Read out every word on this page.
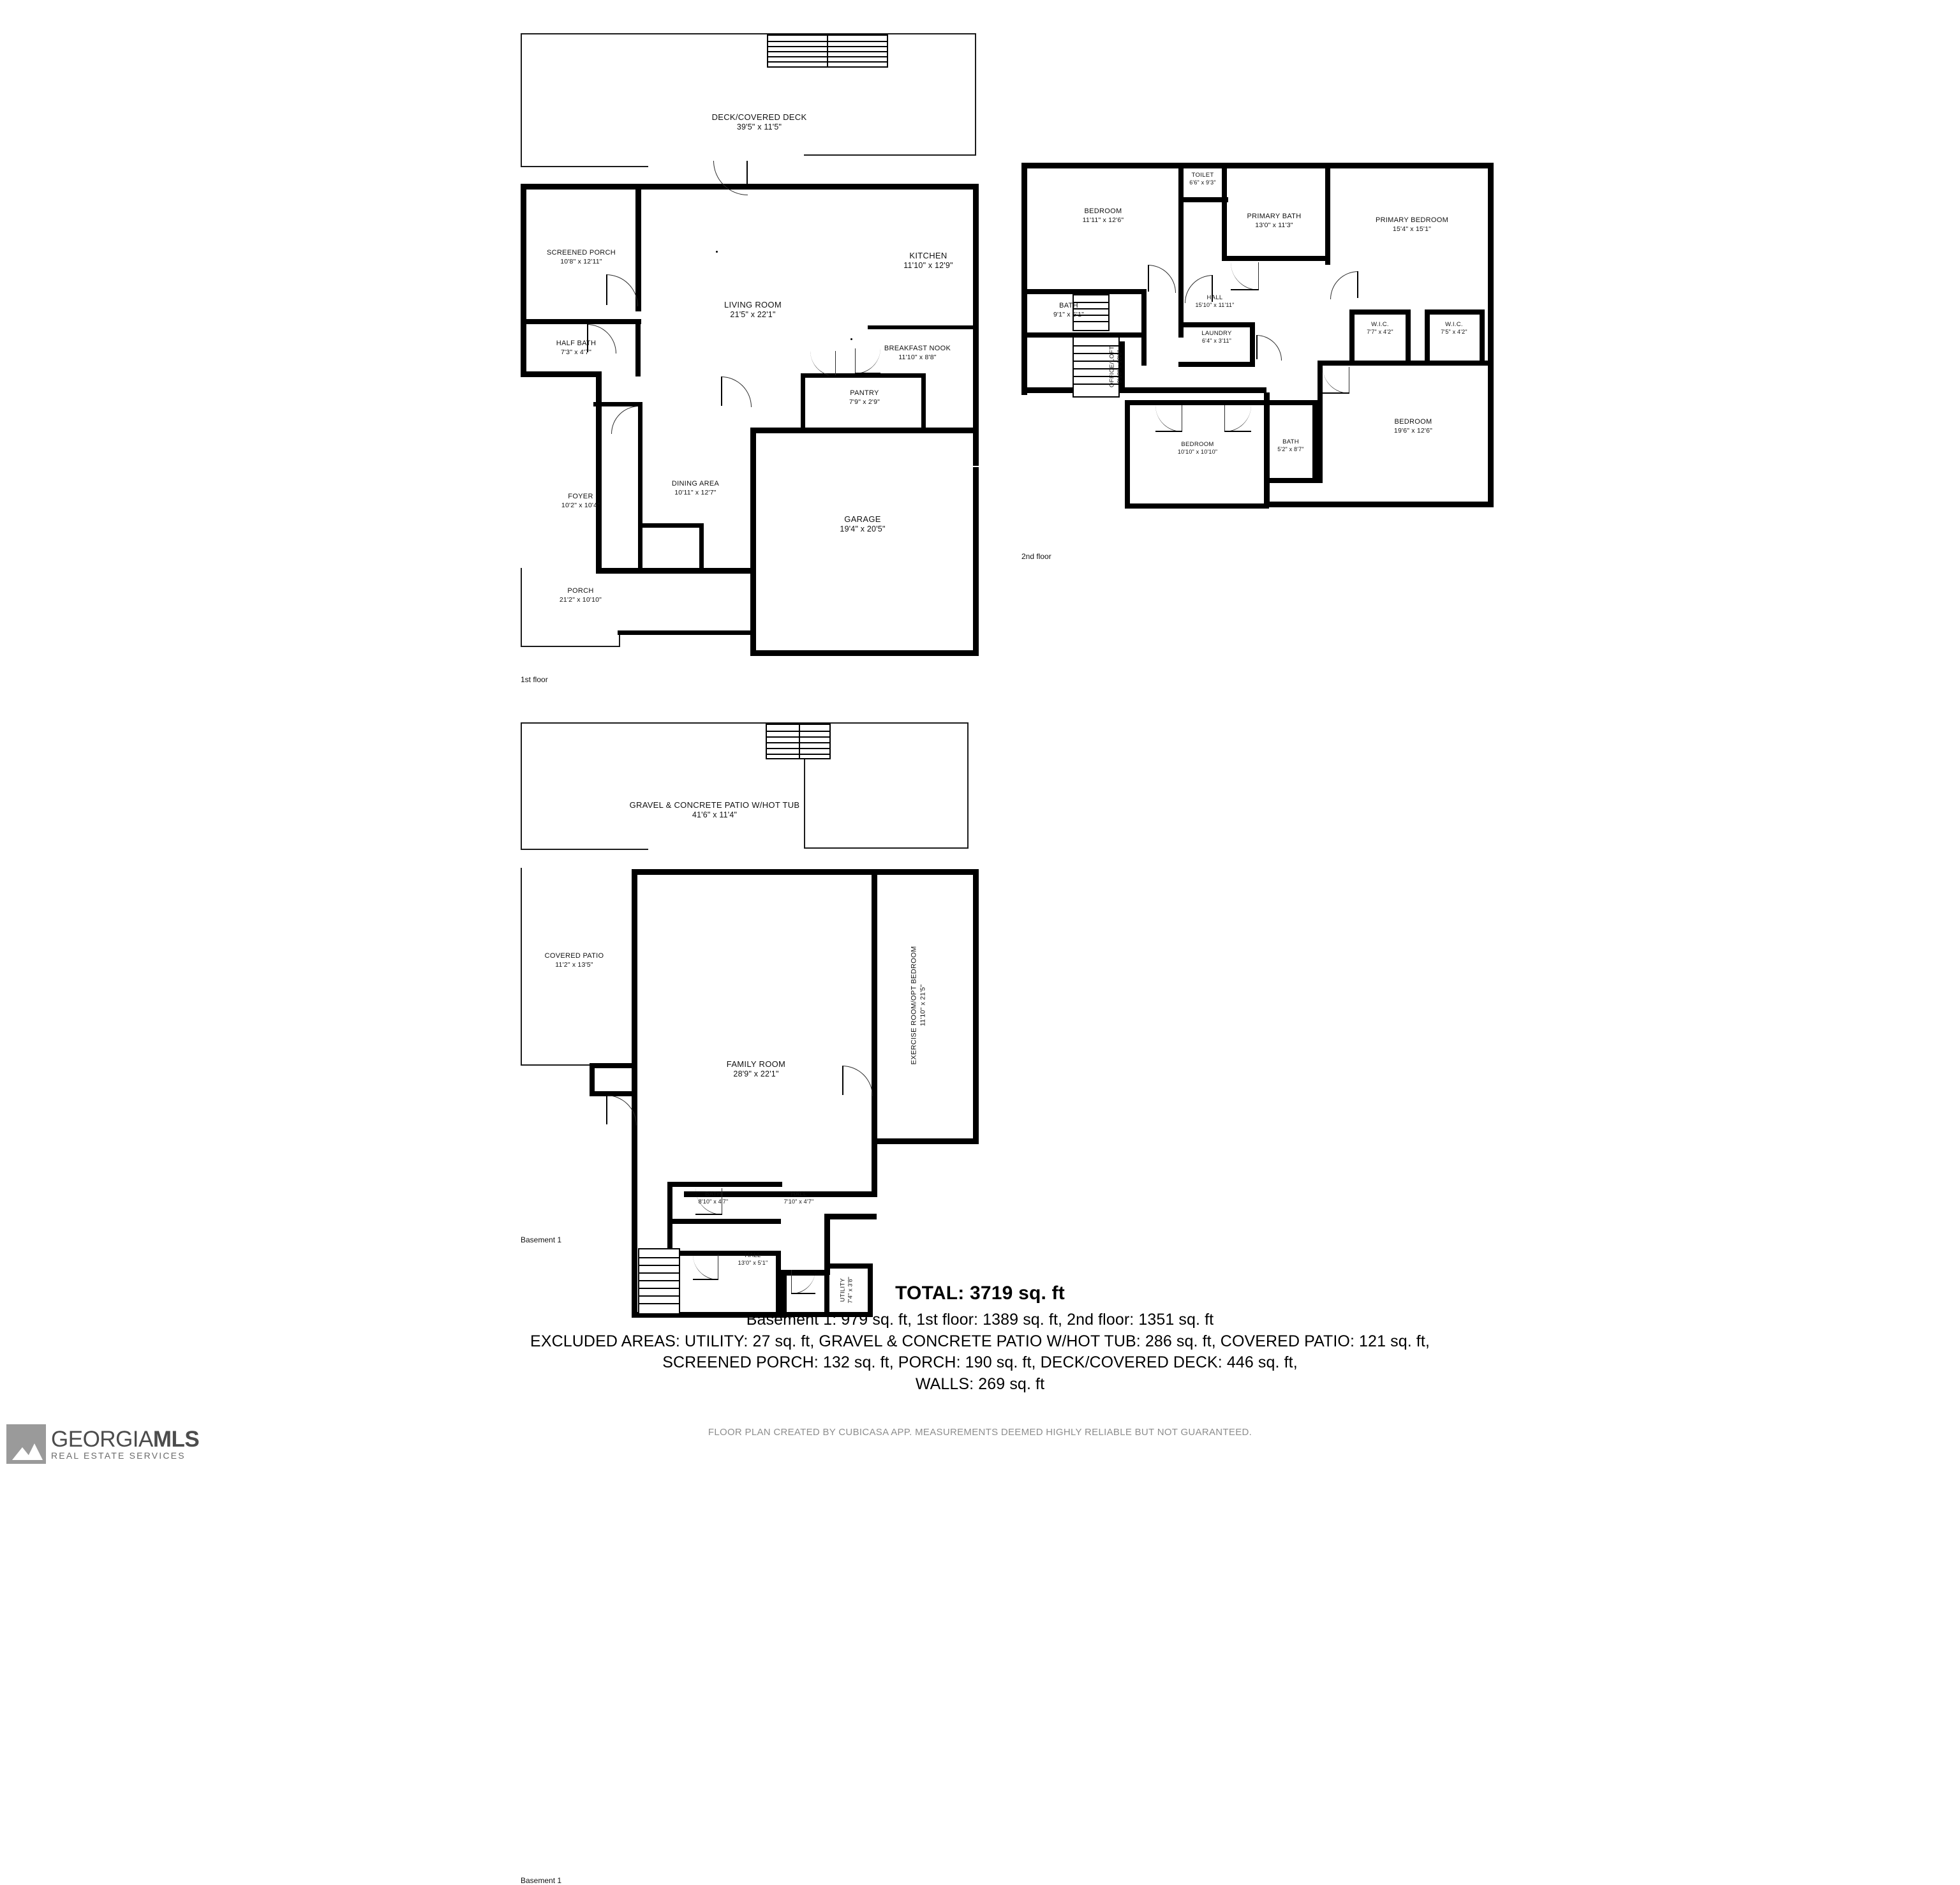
DECK/COVERED DECK
39'5" x 11'5"
SCREENED PORCH
10'8" x 12'11"
KITCHEN
11'10" x 12'9"
LIVING ROOM
21'5" x 22'1"
HALF BATH
7'3" x 4'7"	BREAKFAST NOOK
11'10" x 8'8"
PANTRY
7'9" x 2'9"
FOYER
10'2" x 10'4"
DINING AREA
10'11" x 12'7"
GARAGE
19'4" x 20'5"
PORCH
21'2" x 10'10"
1st floor
TOILET
6'6" x 9'3"
BEDROOM
11'11" x 12'6"	PRIMARY BATH
13'0" x 11'3"
PRIMARY BEDROOM
15'4" x 15'1"
BATH
9'1" x 5'1"
HALL
15'10" x 11'11"
W.I.C.
7'7" x 4'2"
W.I.C.
7'5" x 4'2"
LAUNDRY
6'4" x 3'11"
OFFICE/LOFT 9'10" x 10'0"
BEDROOM
10'10" x 10'10"
BATH
5'2" x 8'7"
BEDROOM
19'6" x 12'6"
2nd floor
GRAVEL & CONCRETE PATIO W/HOT TUB
41'6" x 11'4"
COVERED PATIO
11'2" x 13'5"
FAMILY ROOM
28'9" x 22'1"
EXERCISE ROOM/OPT BEDROOM 11'10" x 21'5"
BATH
8'10" x 4'7"
HALL
7'10" x 4'7"
HALL
13'0" x 5'1"
UTILITY 7'4" x 3'8"
Basement 1
Basement 1
TOTAL: 3719 sq. ft
Basement 1: 979 sq. ft, 1st floor: 1389 sq. ft, 2nd floor: 1351 sq. ft
EXCLUDED AREAS: UTILITY: 27 sq. ft, GRAVEL & CONCRETE PATIO W/HOT TUB: 286 sq. ft, COVERED PATIO: 121 sq. ft,
SCREENED PORCH: 132 sq. ft, PORCH: 190 sq. ft, DECK/COVERED DECK: 446 sq. ft,
WALLS: 269 sq. ft
FLOOR PLAN CREATED BY CUBICASA APP. MEASUREMENTS DEEMED HIGHLY RELIABLE BUT NOT GUARANTEED.
GEORGIAMLS
REAL ESTATE SERVICES
